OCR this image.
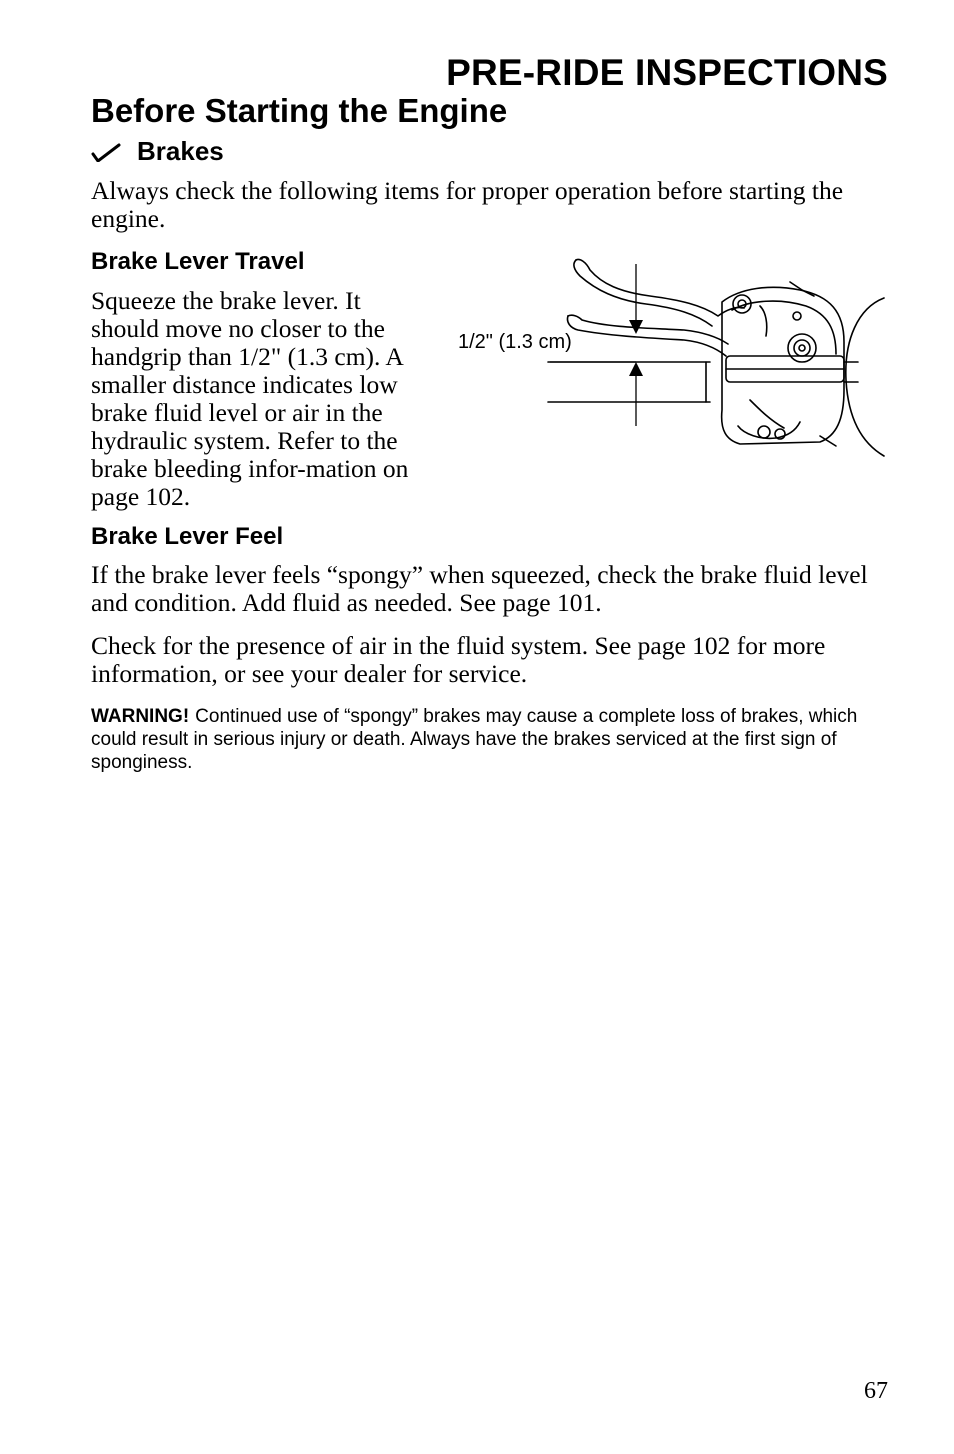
PRE-RIDE INSPECTIONS
Before Starting the Engine
Brakes

Always check the following items for proper operation before starting the engine.

Brake Lever Travel

Squeeze the brake lever. It should move no closer to the handgrip than 1/2" (1.3 cm). A smaller distance indicates low brake fluid level or air in the hydraulic system. Refer to the brake bleeding infor-mation on page 102.

1/2" (1.3 cm)

Brake Lever Feel

If the brake lever feels “spongy” when squeezed, check the brake fluid level and condition. Add fluid as needed. See page 101.

Check for the presence of air in the fluid system. See page 102 for more information, or see your dealer for service.

WARNING! Continued use of “spongy” brakes may cause a complete loss of brakes, which could result in serious injury or death. Always have the brakes serviced at the first sign of sponginess.

67
